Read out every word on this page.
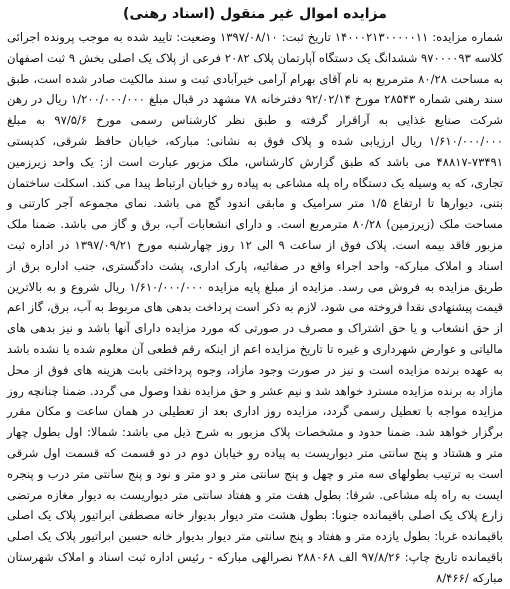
مزایده اموال غیر منقول (اسناد رهنی)

شماره مزایده: ۱۴۰۰۰۲۱۳۰۰۰۰۰۱۱ تاریخ ثبت: ۱۳۹۷/۰۸/۱۰ وضعیت: تایید شده به موجب پرونده اجرائی کلاسه ۹۷۰۰۰۰۹۳ ششدانگ یک دستگاه آپارتمان پلاک ۲۰۸۲ فرعی از پلاک یک اصلی بخش ۹ ثبت اصفهان به مساحت ۸۰/۲۸ مترمربع به نام آقای بهرام آرامی خیرآبادی ثبت و سند مالکیت صادر شده است، طبق سند رهنی شماره ۲۸۵۴۳ مورخ ۹۲/۰۲/۱۴ دفترخانه ۷۸ مشهد در قبال مبلغ ۱/۲۰۰/۰۰۰/۰۰۰ ریال در رهن شرکت صنایع غذایی به آراقرار گرفته و طبق نظر کارشناس رسمی مورخ ۹۷/۵/۶ به مبلغ ۱/۶۱۰/۰۰۰/۰۰۰ ریال ارزیابی شده و پلاک فوق به نشانی: مبارکه، خیابان حافظ شرقی، کدپستی ۷۳۴۹۱-۴۸۸۱۷ می باشد که طبق گزارش کارشناس، ملک مزبور عبارت است از: یک واحد زیرزمین تجاری، که به وسیله یک دستگاه راه پله مشاعی به پیاده رو خیابان ارتباط پیدا می کند. اسکلت ساختمان بتنی، دیوارها تا ارتفاع ۱/۵ متر سرامیک و مابقی اندود گچ می باشد. نمای مجموعه آجر کارتنی و مساحت ملک (زیرزمین) ۸۰/۲۸ مترمربع است. و دارای انشعابات آب، برق و گاز می باشد. ضمنا ملک مزبور فاقد بیمه است. پلاک فوق از ساعت ۹ الی ۱۲ روز چهارشنبه مورخ ۱۳۹۷/۰۹/۲۱ در اداره ثبت اسناد و املاک مبارکه- واحد اجراء واقع در صفائیه، پارک اداری، پشت دادگستری، جنب اداره برق از طریق مزایده به فروش می رسد. مزایده از مبلغ پایه مزایده ۱/۶۱۰/۰۰۰/۰۰۰ ریال شروع و به بالاترین قیمت پیشنهادی نقدا فروخته می شود. لازم به ذکر است پرداخت بدهی های مربوط به آب، برق، گاز اعم از حق انشعاب و یا حق اشتراک و مصرف در صورتی که مورد مزایده دارای آنها باشد و نیز بدهی های مالیاتی و عوارض شهرداری و غیره تا تاریخ مزایده اعم از اینکه رقم قطعی آن معلوم شده یا نشده باشد به عهده برنده مزایده است و نیز در صورت وجود مازاد، وجوه پرداختی بابت هزینه های فوق از محل مازاد به برنده مزایده مسترد خواهد شد و نیم عشر و حق مزایده نقدا وصول می گردد. ضمنا چنانچه روز مزایده مواجه با تعطیل رسمی گردد، مزایده روز اداری بعد از تعطیلی در همان ساعت و مکان مقرر برگزار خواهد شد. ضمنا حدود و مشخصات پلاک مزبور به شرح ذیل می باشد: شمالا: اول بطول چهار متر و هشتاد و پنج سانتی متر دیواریست به پیاده رو خیابان دوم در دو قسمت که قسمت اول شرقی است به ترتیب بطولهای سه متر و چهل و پنج سانتی متر و دو متر و نود و پنج سانتی متر درب و پنجره ایست به راه پله مشاعی. شرقا: بطول هفت متر و هفتاد سانتی متر دیواریست به دیوار مغازه مرتضی زارع پلاک یک اصلی باقیمانده جنوبا: بطول هشت متر دیوار بدیوار خانه مصطفی ابراتیور پلاک یک اصلی باقیمانده غربا: بطول یازده متر و هفتاد و پنج سانتی متر دیوار بدیوار خانه حسین ابراتیور پلاک یک اصلی باقیمانده تاریخ چاپ: ۹۷/۸/۲۶ الف ۲۸۸۰۶۸ نصرالهی مبارکه - رئیس اداره ثبت اسناد و املاک شهرستان مبارکه /۸/۴۶۶
